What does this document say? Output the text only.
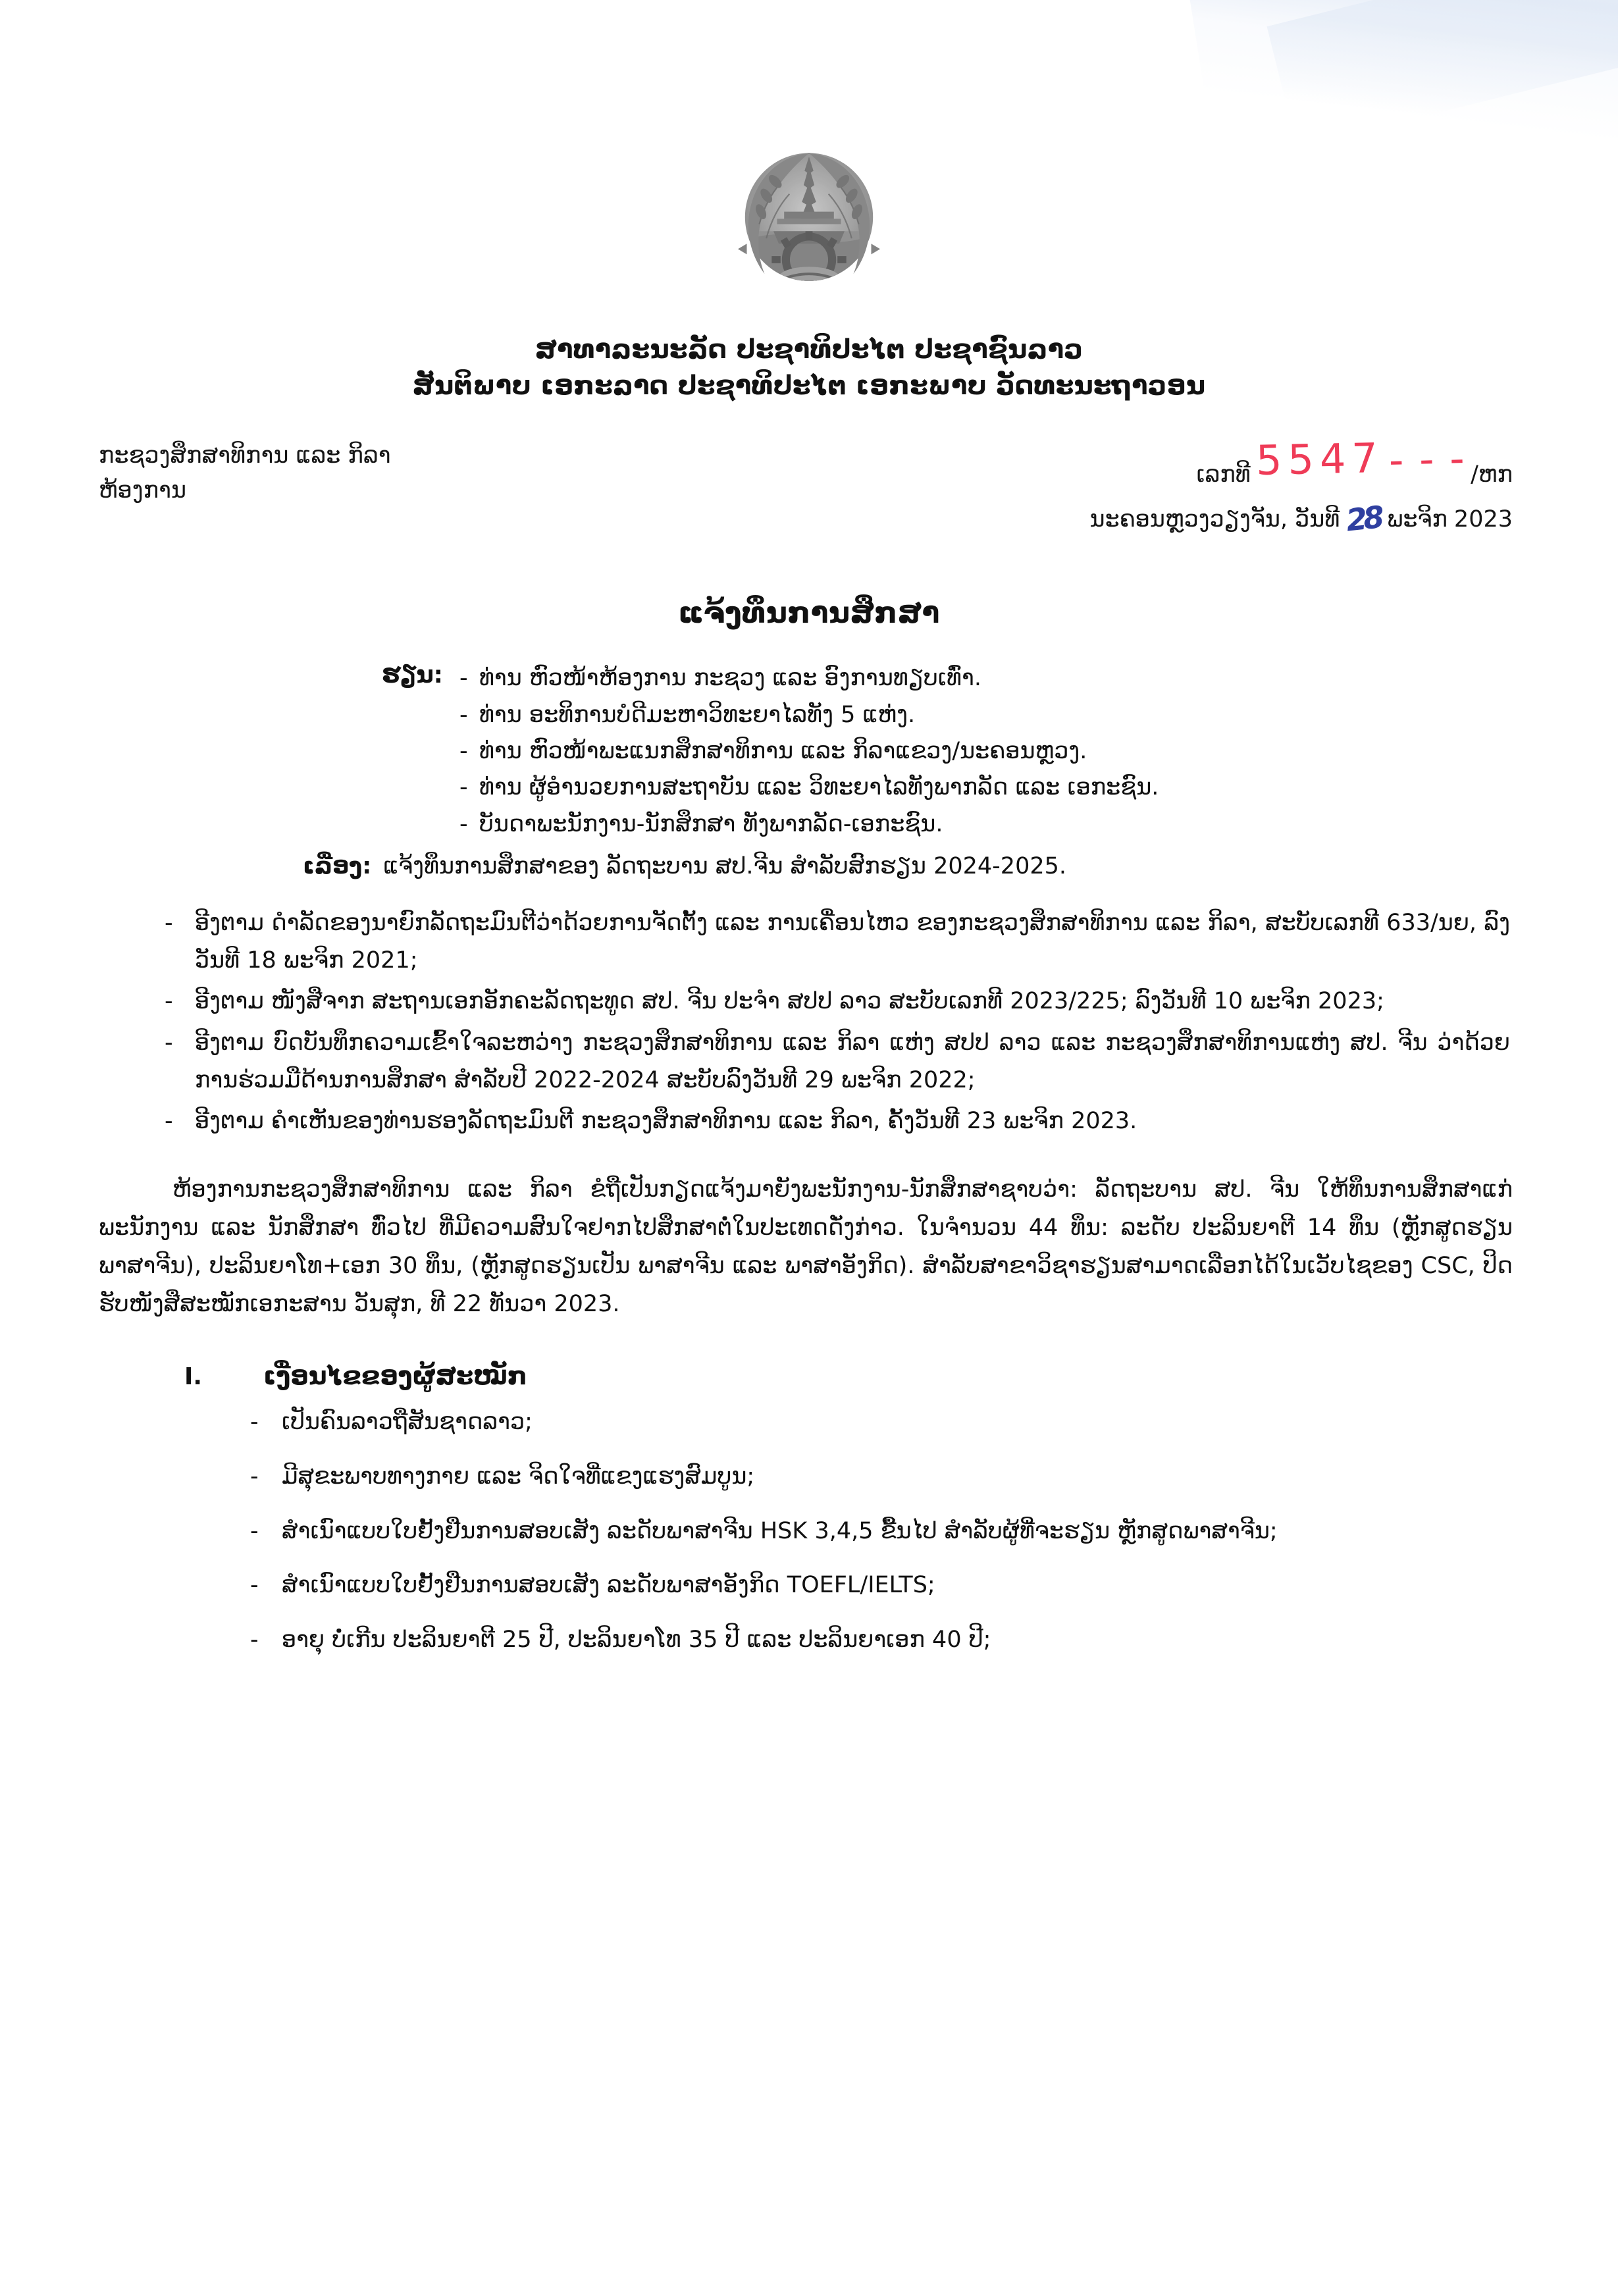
ສາທາລະນະລັດ ປະຊາທິປະໄຕ ປະຊາຊົນລາວ
ສັນຕິພາບ ເອກະລາດ ປະຊາທິປະໄຕ ເອກະພາບ ວັດທະນະຖາວອນ
ກະຊວງສຶກສາທິການ ແລະ ກິລາ
ຫ້ອງການ
ເລກທີ 5547 - - - /ຫກ
ນະຄອນຫຼວງວຽງຈັນ, ວັນທີ 28 ພະຈິກ 2023
ແຈ້ງທຶນການສຶກສາ
ຮຽນ: - ທ່ານ ຫົວໜ້າຫ້ອງການ ກະຊວງ ແລະ ອົງການທຽບເທົ່າ.
- ທ່ານ ອະທິການບໍດີມະຫາວິທະຍາໄລທັງ 5 ແຫ່ງ.
- ທ່ານ ຫົວໜ້າພະແນກສຶກສາທິການ ແລະ ກິລາແຂວງ/ນະຄອນຫຼວງ.
- ທ່ານ ຜູ້ອຳນວຍການສະຖາບັນ ແລະ ວິທະຍາໄລທັງພາກລັດ ແລະ ເອກະຊົນ.
- ບັນດາພະນັກງານ-ນັກສຶກສາ ທັງພາກລັດ-ເອກະຊົນ.
ເລື່ອງ: ແຈ້ງທຶນການສຶກສາຂອງ ລັດຖະບານ ສປ.ຈີນ ສຳລັບສົກຮຽນ 2024-2025.
- ອີງຕາມ ດຳລັດຂອງນາຍົກລັດຖະມົນຕີວ່າດ້ວຍການຈັດຕັ້ງ ແລະ ການເຄື່ອນໄຫວ ຂອງກະຊວງສຶກສາທິການ ແລະ ກິລາ, ສະບັບເລກທີ 633/ນຍ, ລົງວັນທີ 18 ພະຈິກ 2021;
- ອີງຕາມ ໜັງສືຈາກ ສະຖານເອກອັກຄະລັດຖະທູດ ສປ. ຈີນ ປະຈຳ ສປປ ລາວ ສະບັບເລກທີ 2023/225; ລົງວັນທີ 10 ພະຈິກ 2023;
- ອີງຕາມ ບົດບັນທຶກຄວາມເຂົ້າໃຈລະຫວ່າງ ກະຊວງສຶກສາທິການ ແລະ ກິລາ ແຫ່ງ ສປປ ລາວ ແລະ ກະຊວງສຶກສາທິການແຫ່ງ ສປ. ຈີນ ວ່າດ້ວຍການຮ່ວມມືດ້ານການສຶກສາ ສຳລັບປີ 2022-2024 ສະບັບລົງວັນທີ 29 ພະຈິກ 2022;
- ອີງຕາມ ຄຳເຫັນຂອງທ່ານຮອງລັດຖະມົນຕີ ກະຊວງສຶກສາທິການ ແລະ ກິລາ, ຄັ້ງວັນທີ 23 ພະຈິກ 2023.
ຫ້ອງການກະຊວງສຶກສາທິການ ແລະ ກິລາ ຂໍຖືເປັນກຽດແຈ້ງມາຍັງພະນັກງານ-ນັກສຶກສາຊາບວ່າ: ລັດຖະບານ ສປ. ຈີນ ໃຫ້ທຶນການສຶກສາແກ່ພະນັກງານ ແລະ ນັກສຶກສາ ທົ່ວໄປ ທີ່ມີຄວາມສົນໃຈຢາກໄປສຶກສາຕໍ່ໃນປະເທດດັ່ງກ່າວ. ໃນຈຳນວນ 44 ທຶນ: ລະດັບ ປະລິນຍາຕີ 14 ທຶນ (ຫຼັກສູດຮຽນ ພາສາຈີນ), ປະລິນຍາໂທ+ເອກ 30 ທຶນ, (ຫຼັກສູດຮຽນເປັນ ພາສາຈີນ ແລະ ພາສາອັງກິດ). ສຳລັບສາຂາວິຊາຮຽນສາມາດເລືອກໄດ້ໃນເວັບໄຊຂອງ CSC, ປິດຮັບໜັງສືສະໝັກເອກະສານ ວັນສຸກ, ທີ 22 ທັນວາ 2023.
I.	ເງື່ອນໄຂຂອງຜູ້ສະໝັກ
-	ເປັນຄົນລາວຖືສັນຊາດລາວ;
-	ມີສຸຂະພາບທາງກາຍ ແລະ ຈິດໃຈທີ່ແຂງແຮງສົມບູນ;
-	ສຳເນົາແບບໃບຢັ້ງຢືນການສອບເສັງ ລະດັບພາສາຈີນ HSK 3,4,5 ຂື້ນໄປ ສຳລັບຜູ້ທີ່ຈະຮຽນ ຫຼັກສູດພາສາຈີນ;
-	ສຳເນົາແບບໃບຢັ້ງຢືນການສອບເສັງ ລະດັບພາສາອັງກິດ TOEFL/IELTS;
-	ອາຍຸ ບໍ່ເກີນ ປະລິນຍາຕີ 25 ປີ, ປະລິນຍາໂທ 35 ປີ ແລະ ປະລິນຍາເອກ 40 ປີ;
